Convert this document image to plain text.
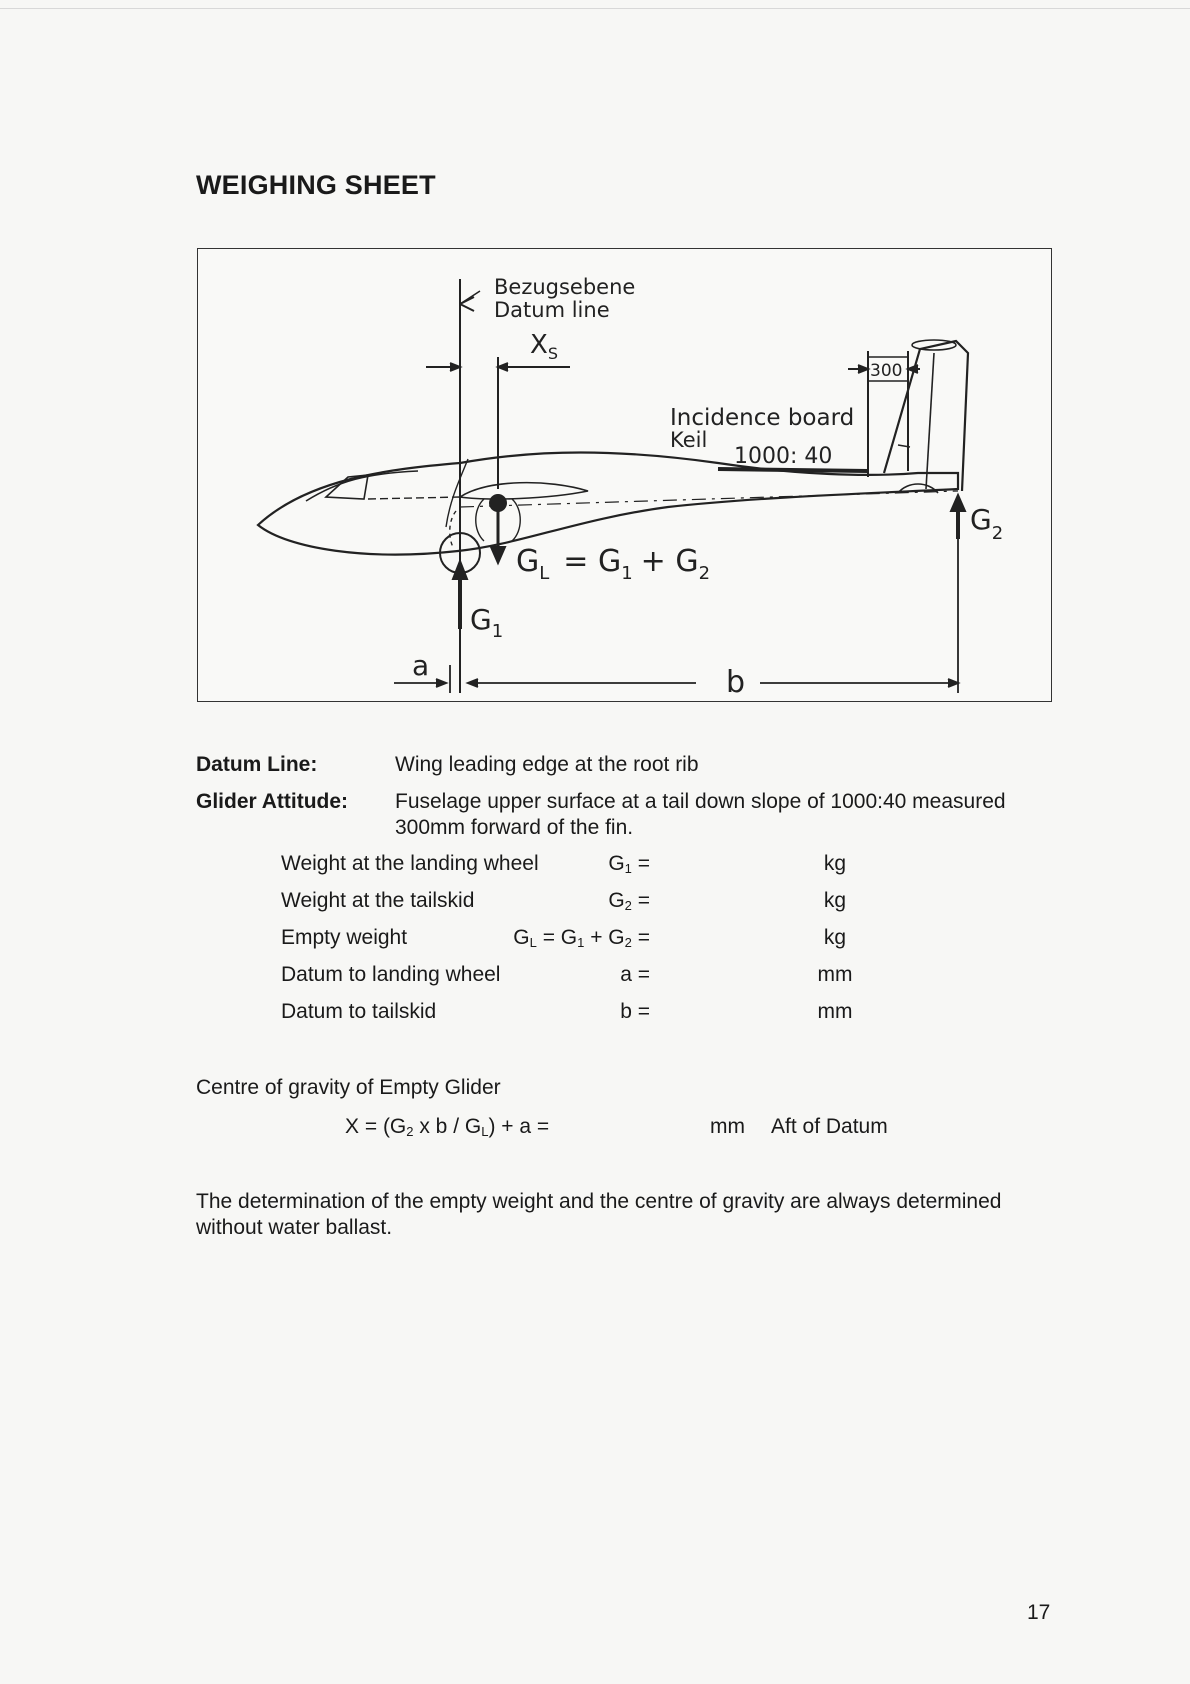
WEIGHING SHEET
Bezugsebene
Datum line
$X_S$
300
Incidence board
Keil
1000: 40
$G_L = G_1 + G_2$
$G_1$
$G_2$
a	b
Datum Line:	Wing leading edge at the root rib
Glider Attitude: Fuselage upper surface at a tail down slope of 1000:40 measured
300mm forward of the fin.
Weight at the landing wheel	$G_1$ =	kg
Weight at the tailskid	$G_2$ =	kg
Empty weight	$G_L = G_1 + G_2$ =	kg
Datum to landing wheel	a =	mm
Datum to tailskid	b =	mm
Centre of gravity of Empty Glider
$X = (G_2$ x $b / G_L) + a$ =	mm Aft of Datum
The determination of the empty weight and the centre of gravity are always determined
without water ballast.
17
